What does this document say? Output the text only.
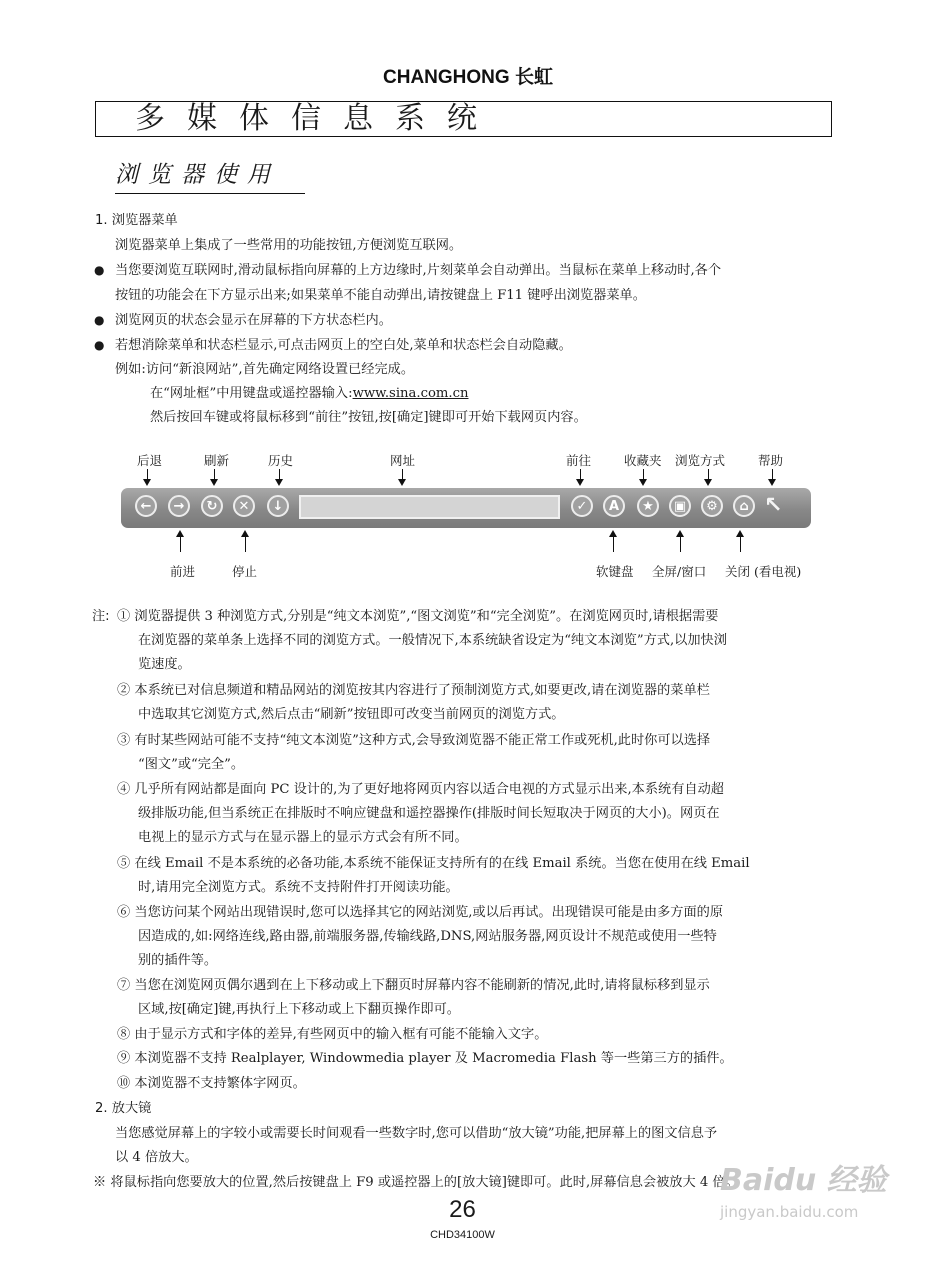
CHANGHONG 长虹
多媒体信息系统
浏览器使用
1. 浏览器菜单
浏览器菜单上集成了一些常用的功能按钮,方便浏览互联网。
● 当您要浏览互联网时,滑动鼠标指向屏幕的上方边缘时,片刻菜单会自动弹出。当鼠标在菜单上移动时,各个
按钮的功能会在下方显示出来;如果菜单不能自动弹出,请按键盘上 F11 键呼出浏览器菜单。
● 浏览网页的状态会显示在屏幕的下方状态栏内。
● 若想消除菜单和状态栏显示,可点击网页上的空白处,菜单和状态栏会自动隐藏。
例如:访问“新浪网站”,首先确定网络设置已经完成。
在“网址框”中用键盘或遥控器输入:www.sina.com.cn
然后按回车键或将鼠标移到“前往”按钮,按[确定]键即可开始下载网页内容。
后退	刷新	历史	网址	前往	收藏夹 浏览方式	帮助
←	→	↻	✕	↓	✓	A	★	▣	⚙	⌂ ↖
前进	停止	软键盘 全屏/窗口 关闭 (看电视)
注: ① 浏览器提供 3 种浏览方式,分别是“纯文本浏览”,“图文浏览”和“完全浏览”。在浏览网页时,请根据需要
在浏览器的菜单条上选择不同的浏览方式。一般情况下,本系统缺省设定为“纯文本浏览”方式,以加快浏
览速度。
② 本系统已对信息频道和精品网站的浏览按其内容进行了预制浏览方式,如要更改,请在浏览器的菜单栏
中选取其它浏览方式,然后点击“刷新”按钮即可改变当前网页的浏览方式。
③ 有时某些网站可能不支持“纯文本浏览”这种方式,会导致浏览器不能正常工作或死机,此时你可以选择
“图文”或“完全”。
④ 几乎所有网站都是面向 PC 设计的,为了更好地将网页内容以适合电视的方式显示出来,本系统有自动超
级排版功能,但当系统正在排版时不响应键盘和遥控器操作(排版时间长短取决于网页的大小)。网页在
电视上的显示方式与在显示器上的显示方式会有所不同。
⑤ 在线 Email 不是本系统的必备功能,本系统不能保证支持所有的在线 Email 系统。当您在使用在线 Email
时,请用完全浏览方式。系统不支持附件打开阅读功能。
⑥ 当您访问某个网站出现错误时,您可以选择其它的网站浏览,或以后再试。出现错误可能是由多方面的原
因造成的,如:网络连线,路由器,前端服务器,传输线路,DNS,网站服务器,网页设计不规范或使用一些特
别的插件等。
⑦ 当您在浏览网页偶尔遇到在上下移动或上下翻页时屏幕内容不能刷新的情况,此时,请将鼠标移到显示
区域,按[确定]键,再执行上下移动或上下翻页操作即可。
⑧ 由于显示方式和字体的差异,有些网页中的输入框有可能不能输入文字。
⑨ 本浏览器不支持 Realplayer, Windowmedia player 及 Macromedia Flash 等一些第三方的插件。
⑩ 本浏览器不支持繁体字网页。
2. 放大镜
当您感觉屏幕上的字较小或需要长时间观看一些数字时,您可以借助“放大镜”功能,把屏幕上的图文信息予
以 4 倍放大。
※ 将鼠标指向您要放大的位置,然后按键盘上 F9 或遥控器上的[放大镜]键即可。此时,屏幕信息会被放大 4 倍。
Baidu 经验
jingyan.baidu.com
26
CHD34100W
